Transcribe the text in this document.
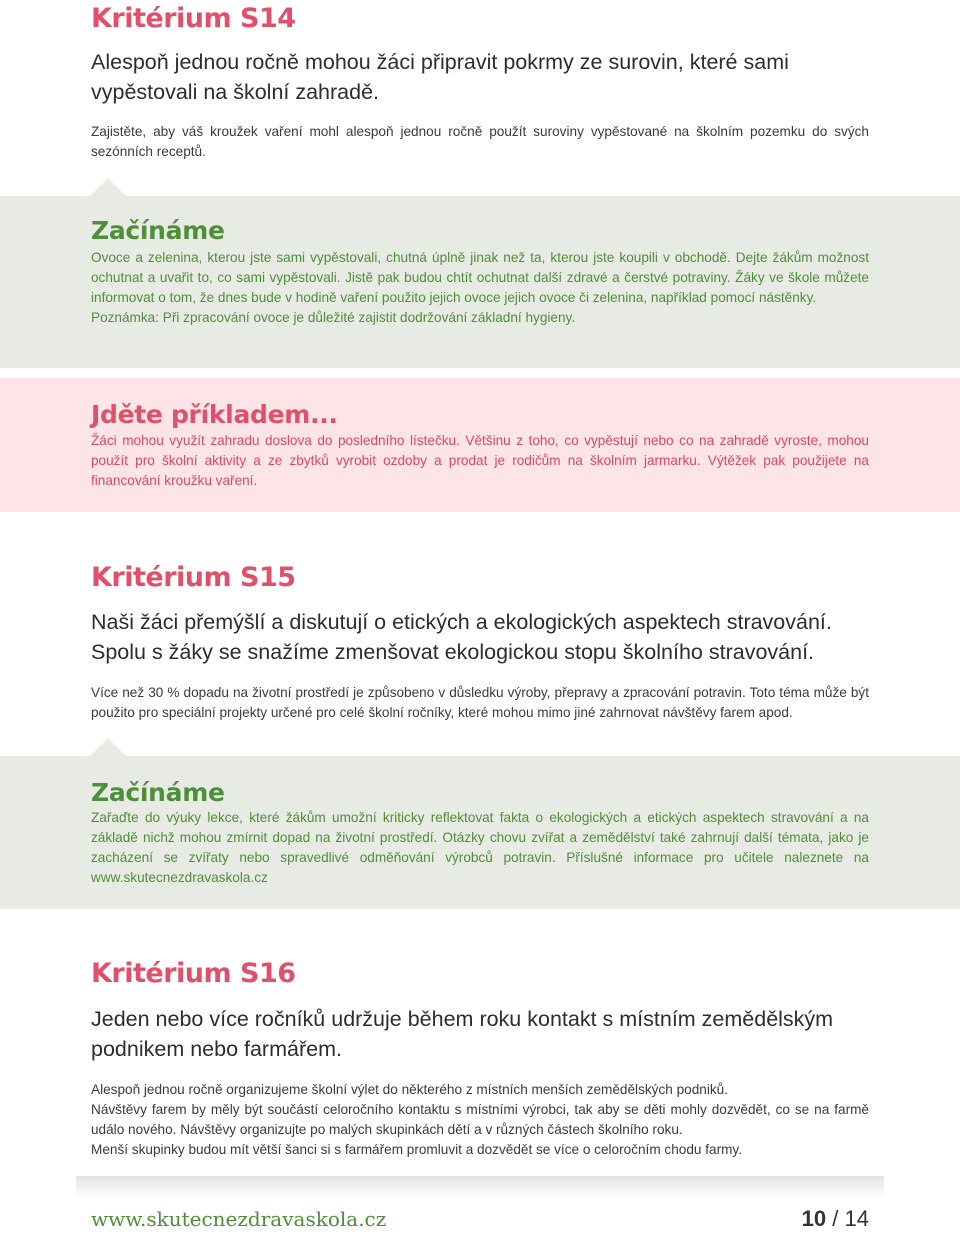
Kritérium S14

Alespoň jednou ročně mohou žáci připravit pokrmy ze surovin, které sami vypěstovali na školní zahradě.

Zajistěte, aby váš kroužek vaření mohl alespoň jednou ročně použít suroviny vypěstované na školním pozemku do svých sezónních receptů.

Začínáme

Ovoce a zelenina, kterou jste sami vypěstovali, chutná úplně jinak než ta, kterou jste koupili v obchodě. Dejte žákům možnost ochutnat a uvařit to, co sami vypěstovali. Jistě pak budou chtít ochutnat další zdravé a čerstvé potraviny. Žáky ve škole můžete informovat o tom, že dnes bude v hodině vaření použito jejich ovoce jejich ovoce či zelenina, například pomocí nástěnky.

Poznámka: Při zpracování ovoce je důležité zajistit dodržování základní hygieny.

Jděte příkladem...

Žáci mohou využít zahradu doslova do posledního lístečku. Většinu z toho, co vypěstují nebo co na zahradě vyroste, mohou použít pro školní aktivity a ze zbytků vyrobit ozdoby a prodat je rodičům na školním jarmarku. Výtěžek pak použijete na financování kroužku vaření.

Kritérium S15

Naši žáci přemýšlí a diskutují o etických a ekologických aspektech stravování. Spolu s žáky se snažíme zmenšovat ekologickou stopu školního stravování.

Více než 30 % dopadu na životní prostředí je způsobeno v důsledku výroby, přepravy a zpracování potravin. Toto téma může být použito pro speciální projekty určené pro celé školní ročníky, které mohou mimo jiné zahrnovat návštěvy farem apod.

Začínáme

Zařaďte do výuky lekce, které žákům umožní kriticky reflektovat fakta o ekologických a etických aspektech stravování a na základě nichž mohou zmírnit dopad na životní prostředí. Otázky chovu zvířat a zemědělství také zahrnují další témata, jako je zacházení se zvířaty nebo spravedlivé odměňování výrobců potravin. Příslušné informace pro učitele naleznete na www.skutecnezdravaskola.cz

Kritérium S16

Jeden nebo více ročníků udržuje během roku kontakt s místním zemědělským podnikem nebo farmářem.

Alespoň jednou ročně organizujeme školní výlet do některého z místních menších zemědělských podniků.

Návštěvy farem by měly být součástí celoročního kontaktu s místními výrobci, tak aby se děti mohly dozvědět, co se na farmě událo nového. Návštěvy organizujte po malých skupinkách dětí a v různých částech školního roku.

Menší skupinky budou mít větší šanci si s farmářem promluvit a dozvědět se více o celoročním chodu farmy.

www.skutecnezdravaskola.cz	10 / 14
